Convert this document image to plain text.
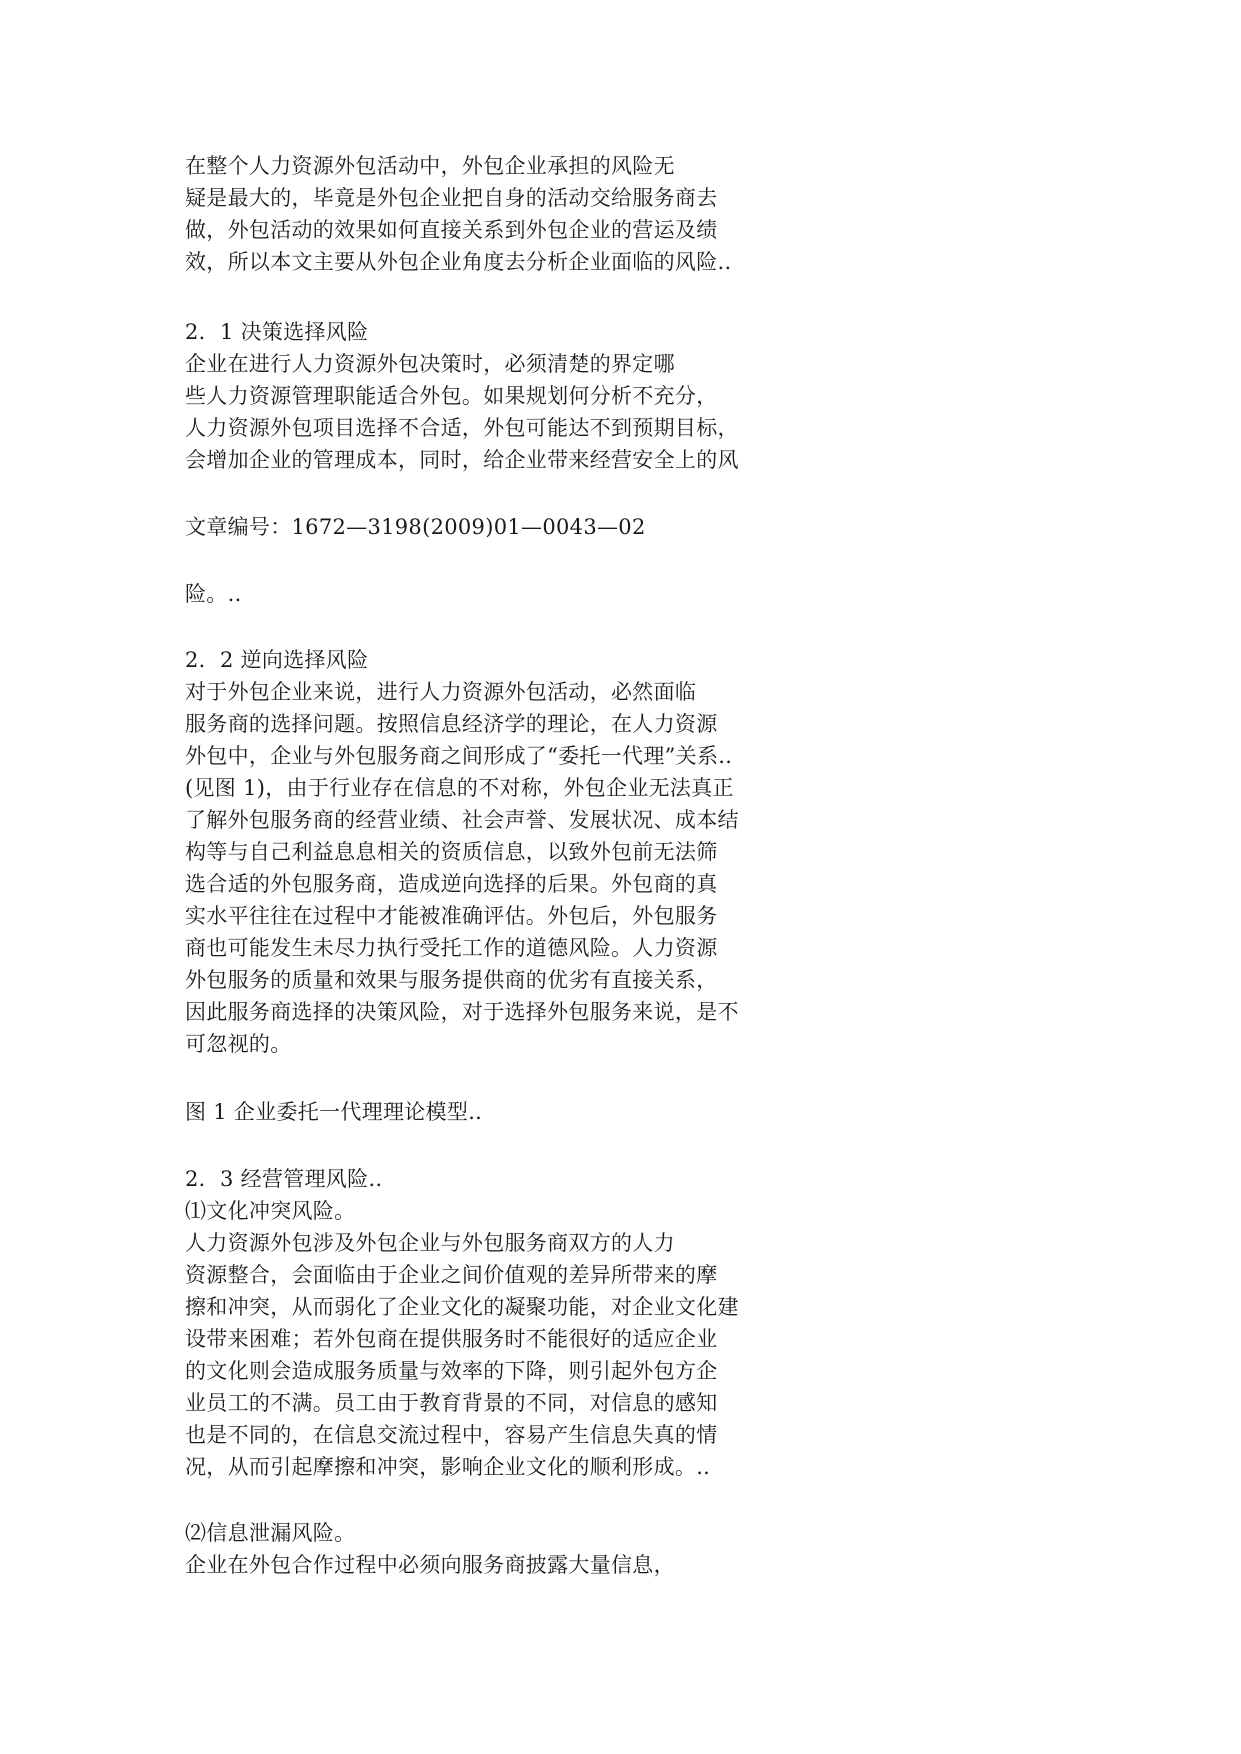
在整个人力资源外包活动中，外包企业承担的风险无
疑是最大的，毕竟是外包企业把自身的活动交给服务商去
做，外包活动的效果如何直接关系到外包企业的营运及绩
效，所以本文主要从外包企业角度去分析企业面临的风险..
2．1 决策选择风险
企业在进行人力资源外包决策时，必须清楚的界定哪
些人力资源管理职能适合外包。如果规划何分析不充分，
人力资源外包项目选择不合适，外包可能达不到预期目标，
会增加企业的管理成本，同时，给企业带来经营安全上的风
文章编号：1672—3198(2009)01—0043—02
险。..
2．2 逆向选择风险
对于外包企业来说，进行人力资源外包活动，必然面临
服务商的选择问题。按照信息经济学的理论，在人力资源
外包中，企业与外包服务商之间形成了“委托一代理”关系..
(见图 1)，由于行业存在信息的不对称，外包企业无法真正
了解外包服务商的经营业绩、社会声誉、发展状况、成本结
构等与自己利益息息相关的资质信息，以致外包前无法筛
选合适的外包服务商，造成逆向选择的后果。外包商的真
实水平往往在过程中才能被准确评估。外包后，外包服务
商也可能发生未尽力执行受托工作的道德风险。人力资源
外包服务的质量和效果与服务提供商的优劣有直接关系，
因此服务商选择的决策风险，对于选择外包服务来说，是不
可忽视的。
图 1 企业委托一代理理论模型..
2．3 经营管理风险..
⑴文化冲突风险。
人力资源外包涉及外包企业与外包服务商双方的人力
资源整合，会面临由于企业之间价值观的差异所带来的摩
擦和冲突，从而弱化了企业文化的凝聚功能，对企业文化建
设带来困难；若外包商在提供服务时不能很好的适应企业
的文化则会造成服务质量与效率的下降，则引起外包方企
业员工的不满。员工由于教育背景的不同，对信息的感知
也是不同的，在信息交流过程中，容易产生信息失真的情
况，从而引起摩擦和冲突，影响企业文化的顺利形成。..
⑵信息泄漏风险。
企业在外包合作过程中必须向服务商披露大量信息，
